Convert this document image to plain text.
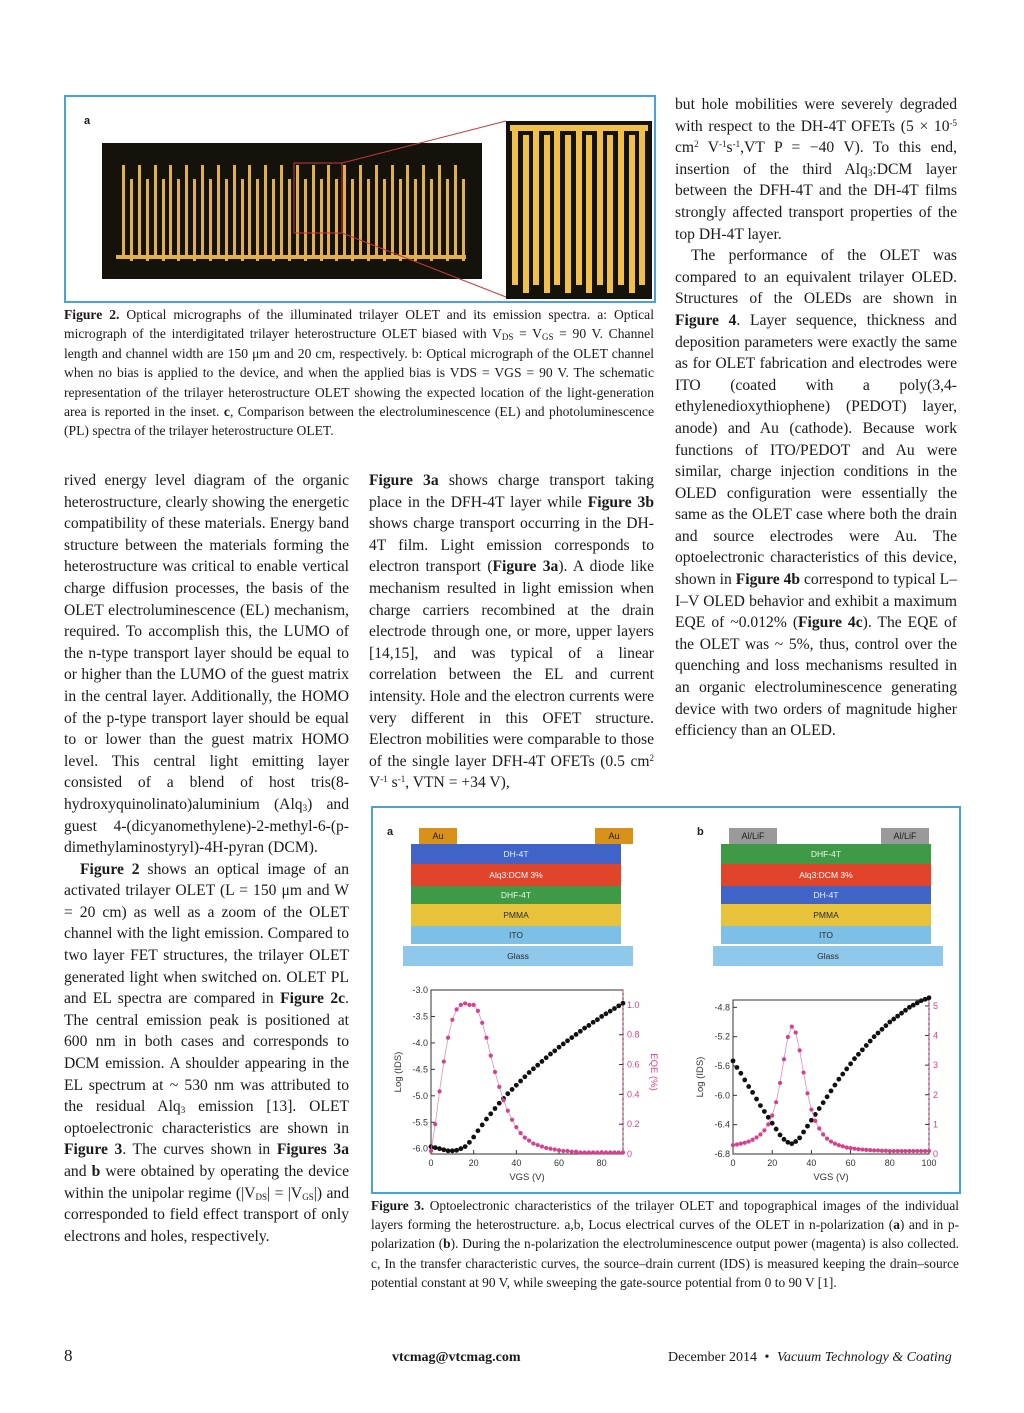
a

Figure 2. Optical micrographs of the illuminated trilayer OLET and its emission spectra. a: Optical micrograph of the interdigitated trilayer heterostructure OLET biased with $V_{DS} = V_{GS} = 90$ V. Channel length and channel width are 150 μm and 20 cm, respectively. b: Optical micrograph of the OLET channel when no bias is applied to the device, and when the applied bias is VDS = VGS = 90 V. The schematic representation of the trilayer heterostructure OLET showing the expected location of the light-generation area is reported in the inset. c, Comparison between the electroluminescence (EL) and photoluminescence (PL) spectra of the trilayer heterostructure OLET.

rived energy level diagram of the organic heterostructure, clearly showing the energetic compatibility of these materials. Energy band structure between the materials forming the heterostructure was critical to enable vertical charge diffusion processes, the basis of the OLET electroluminescence (EL) mechanism, required. To accomplish this, the LUMO of the n-type transport layer should be equal to or higher than the LUMO of the guest matrix in the central layer. Additionally, the HOMO of the p-type transport layer should be equal to or lower than the guest matrix HOMO level. This central light emitting layer consisted of a blend of host tris(8-hydroxyquinolinato)aluminium (Alq$_3$) and guest 4-(dicyanomethylene)-2-methyl-6-(p-dimethylaminostyryl)-4H-pyran (DCM).

Figure 2 shows an optical image of an activated trilayer OLET (L = 150 μm and W = 20 cm) as well as a zoom of the OLET channel with the light emission. Compared to two layer FET structures, the trilayer OLET generated light when switched on. OLET PL and EL spectra are compared in Figure 2c. The central emission peak is positioned at 600 nm in both cases and corresponds to DCM emission. A shoulder appearing in the EL spectrum at ~ 530 nm was attributed to the residual Alq$_3$ emission [13]. OLET optoelectronic characteristics are shown in Figure 3. The curves shown in Figures 3a and b were obtained by operating the device within the unipolar regime $(|V_{DS}| = |V_{GS}|)$ and corresponded to field effect transport of only electrons and holes, respectively.

Figure 3a shows charge transport taking place in the DFH-4T layer while Figure 3b shows charge transport occurring in the DH-4T film. Light emission corresponds to electron transport (Figure 3a). A diode like mechanism resulted in light emission when charge carriers recombined at the drain electrode through one, or more, upper layers [14,15], and was typical of a linear correlation between the EL and current intensity. Hole and the electron currents were very different in this OFET structure. Electron mobilities were comparable to those of the single layer DFH-4T OFETs (0.5 $cm^2$ $V^{-1}$ $s^{-1}$, VTN = +34 V),

but hole mobilities were severely degraded with respect to the DH-4T OFETs ($5 \times 10^{-5}$ $cm^2$ $V^{-1}s^{-1},VT$ P = −40 V). To this end, insertion of the third Alq$_3$:DCM layer between the DFH-4T and the DH-4T films strongly affected transport properties of the top DH-4T layer.

The performance of the OLET was compared to an equivalent trilayer OLED. Structures of the OLEDs are shown in Figure 4. Layer sequence, thickness and deposition parameters were exactly the same as for OLET fabrication and electrodes were ITO (coated with a poly(3,4-ethylenedioxythiophene) (PEDOT) layer, anode) and Au (cathode). Because work functions of ITO/PEDOT and Au were similar, charge injection conditions in the OLED configuration were essentially the same as the OLET case where both the drain and source electrodes were Au. The optoelectronic characteristics of this device, shown in Figure 4b correspond to typical L–I–V OLED behavior and exhibit a maximum EQE of ~0.012% (Figure 4c). The EQE of the OLET was ~ 5%, thus, control over the quenching and loss mechanisms resulted in an organic electroluminescence generating device with two orders of magnitude higher efficiency than an OLED.

a	b
Au	Au
DH-4T
Alq3:DCM 3%
DHF-4T
PMMA
ITO
Glass
Al/LiF	Al/LiF
DHF-4T
Alq3:DCM 3%
DH-4T
PMMA
ITO
Glass
0	20	40	60	80
-3.0
-3.5
-4.0
-4.5
-5.0
-5.5
-6.0
0
0.2
0.4
0.6
0.8
1.0
VGS (V)
Log (IDS)	EQE (%)
0	20	40	60	80	100
-4.8
-5.2
-5.6
-6.0
-6.4
-6.8	0
1
2
3
4
5
VGS (V)
Log (IDS)

Figure 3. Optoelectronic characteristics of the trilayer OLET and topographical images of the individual layers forming the heterostructure. a,b, Locus electrical curves of the OLET in n-polarization (a) and in p-polarization (b). During the n-polarization the electroluminescence output power (magenta) is also collected. c, In the transfer characteristic curves, the source–drain current (IDS) is measured keeping the drain–source potential constant at 90 V, while sweeping the gate-source potential from 0 to 90 V [1].

8	vtcmag@vtcmag.com	December 2014 • Vacuum Technology & Coating
